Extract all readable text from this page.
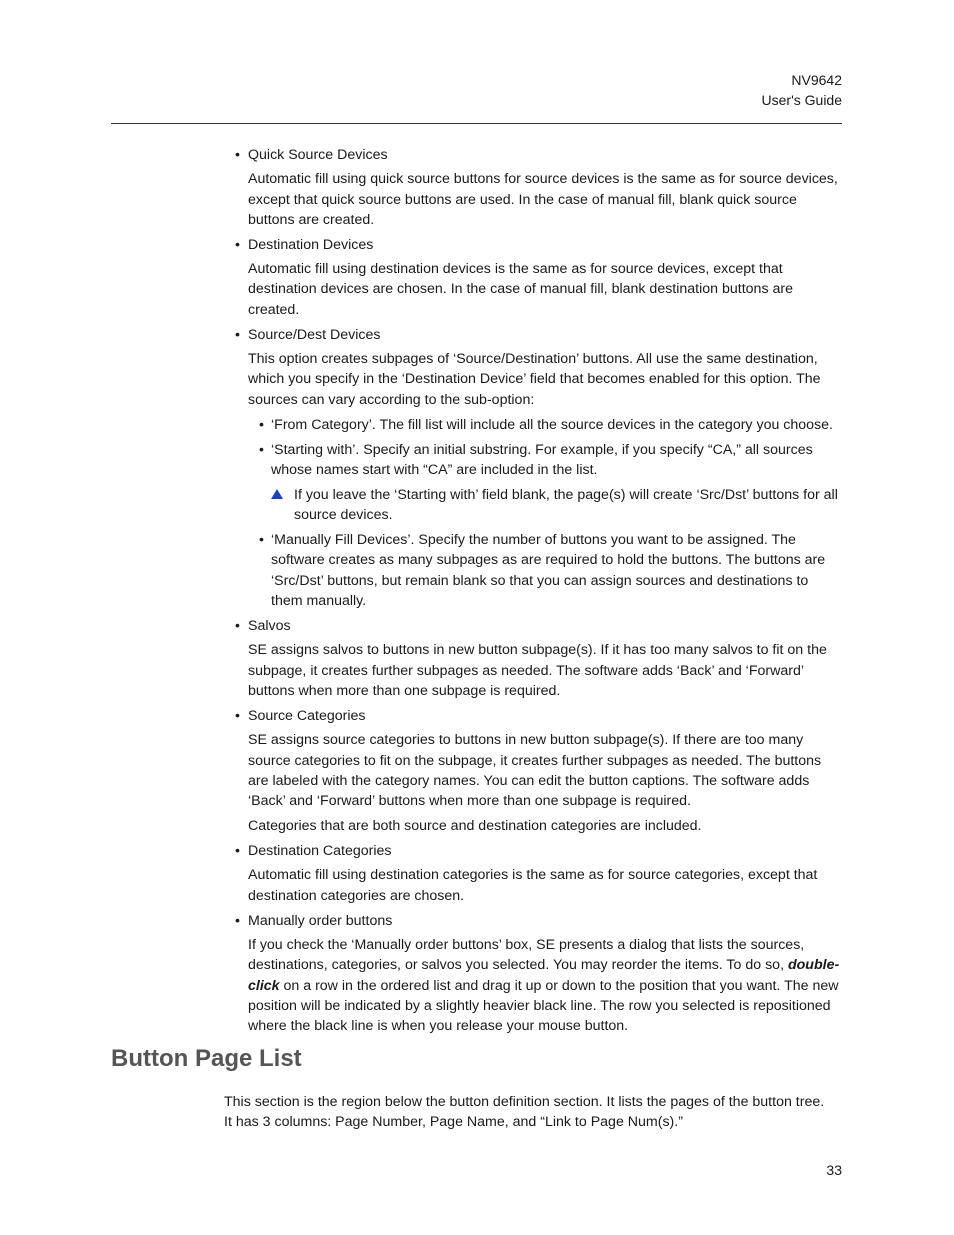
NV9642
User's Guide
• Quick Source Devices

Automatic fill using quick source buttons for source devices is the same as for source devices, except that quick source buttons are used. In the case of manual fill, blank quick source buttons are created.

• Destination Devices

Automatic fill using destination devices is the same as for source devices, except that destination devices are chosen. In the case of manual fill, blank destination buttons are created.

• Source/Dest Devices

This option creates subpages of ‘Source/Destination’ buttons. All use the same destination, which you specify in the ‘Destination Device’ field that becomes enabled for this option. The sources can vary according to the sub-option:

• ‘From Category’. The fill list will include all the source devices in the category you choose.

• ‘Starting with’. Specify an initial substring. For example, if you specify “CA,” all sources whose names start with “CA” are included in the list.

If you leave the ‘Starting with’ field blank, the page(s) will create ‘Src/Dst’ buttons for all source devices.

• ‘Manually Fill Devices’. Specify the number of buttons you want to be assigned. The software creates as many subpages as are required to hold the buttons. The buttons are ‘Src/Dst’ buttons, but remain blank so that you can assign sources and destinations to them manually.

• Salvos

SE assigns salvos to buttons in new button subpage(s). If it has too many salvos to fit on the subpage, it creates further subpages as needed. The software adds ‘Back’ and ‘Forward’ buttons when more than one subpage is required.

• Source Categories

SE assigns source categories to buttons in new button subpage(s). If there are too many source categories to fit on the subpage, it creates further subpages as needed. The buttons are labeled with the category names. You can edit the button captions. The software adds ‘Back’ and ‘Forward’ buttons when more than one subpage is required.

Categories that are both source and destination categories are included.

• Destination Categories

Automatic fill using destination categories is the same as for source categories, except that destination categories are chosen.

• Manually order buttons

If you check the ‘Manually order buttons’ box, SE presents a dialog that lists the sources, destinations, categories, or salvos you selected. You may reorder the items. To do so, double-click on a row in the ordered list and drag it up or down to the position that you want. The new position will be indicated by a slightly heavier black line. The row you selected is repositioned where the black line is when you release your mouse button.

Button Page List

This section is the region below the button definition section. It lists the pages of the button tree. It has 3 columns: Page Number, Page Name, and “Link to Page Num(s).”

33
